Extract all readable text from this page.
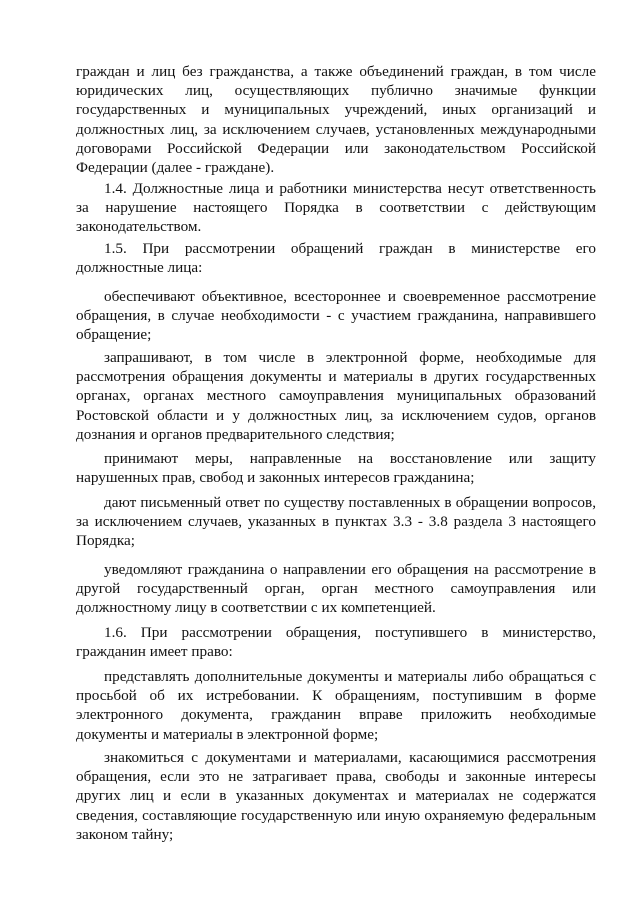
граждан и лиц без гражданства, а также объединений граждан, в том числе
юридических лиц, осуществляющих публично значимые функции
государственных и муниципальных учреждений, иных организаций и
должностных лиц, за исключением случаев, установленных международными
договорами Российской Федерации или законодательством Российской
Федерации (далее - граждане).
1.4. Должностные лица и работники министерства несут ответственность
за нарушение настоящего Порядка в соответствии с действующим
законодательством.
1.5. При рассмотрении обращений граждан в министерстве его
должностные лица:
обеспечивают объективное, всестороннее и своевременное рассмотрение
обращения, в случае необходимости - с участием гражданина, направившего
обращение;
запрашивают, в том числе в электронной форме, необходимые для
рассмотрения обращения документы и материалы в других государственных
органах, органах местного самоуправления муниципальных образований
Ростовской области и у должностных лиц, за исключением судов, органов
дознания и органов предварительного следствия;
принимают меры, направленные на восстановление или защиту
нарушенных прав, свобод и законных интересов гражданина;
дают письменный ответ по существу поставленных в обращении вопросов,
за исключением случаев, указанных в пунктах 3.3 - 3.8 раздела 3 настоящего
Порядка;
уведомляют гражданина о направлении его обращения на рассмотрение в
другой государственный орган, орган местного самоуправления или
должностному лицу в соответствии с их компетенцией.
1.6. При рассмотрении обращения, поступившего в министерство,
гражданин имеет право:
представлять дополнительные документы и материалы либо обращаться с
просьбой об их истребовании. К обращениям, поступившим в форме
электронного документа, гражданин вправе приложить необходимые
документы и материалы в электронной форме;
знакомиться с документами и материалами, касающимися рассмотрения
обращения, если это не затрагивает права, свободы и законные интересы
других лиц и если в указанных документах и материалах не содержатся
сведения, составляющие государственную или иную охраняемую федеральным
законом тайну;
